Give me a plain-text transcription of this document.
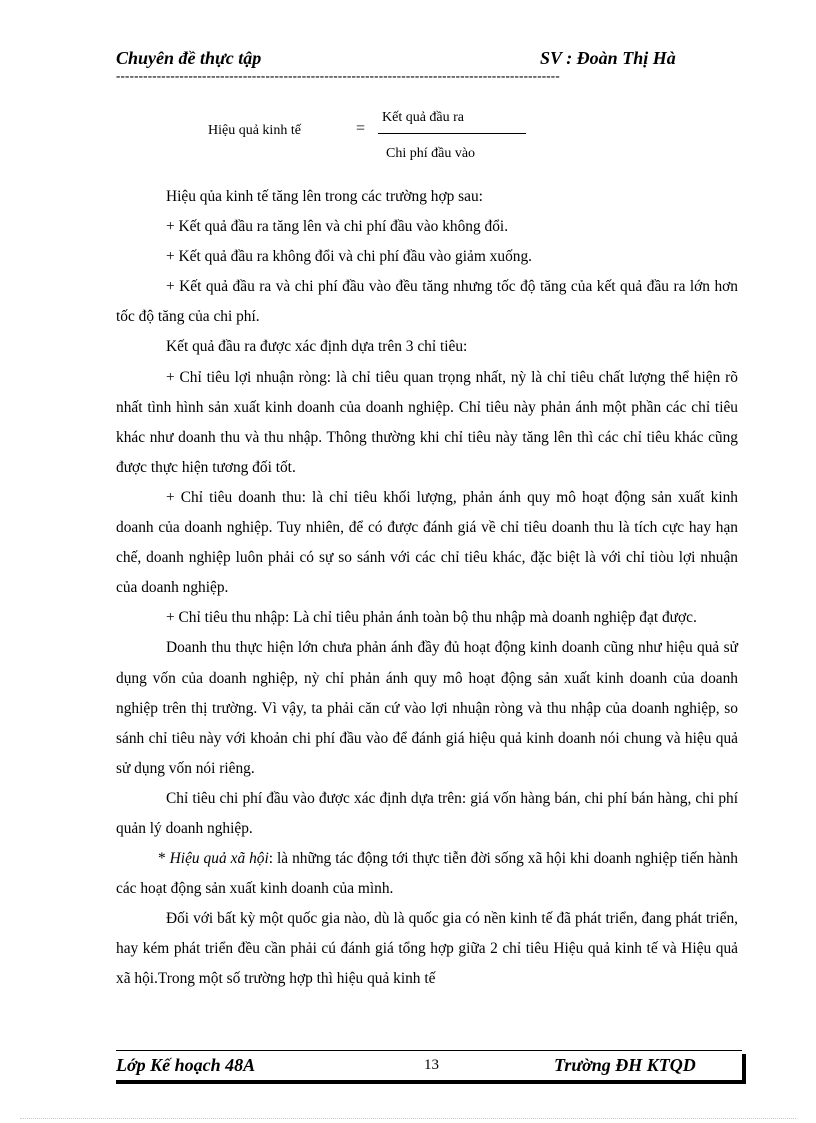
Chuyên đề thực tập	SV : Đoàn Thị Hà
--------------------------------------------------------------------------------------------------
Hiệu quả kinh tế	=
Kết quả đầu ra
Chi phí đầu vào

Hiệu qủa kinh tế tăng lên trong các trường hợp sau:

+ Kết quả đầu ra tăng lên và chi phí đầu vào không đổi.

+ Kết quả đầu ra không đổi và chi phí đầu vào giảm xuống.

+ Kết quả đầu ra và chi phí đầu vào đều tăng nhưng tốc độ tăng của kết quả đầu ra lớn hơn tốc độ tăng của chi phí.

Kết quả đầu ra được xác định dựa trên 3 chỉ tiêu:

+ Chỉ tiêu lợi nhuận ròng: là chỉ tiêu quan trọng nhất, nỳ là chỉ tiêu chất lượng thể hiện rõ nhất tình hình sản xuất kinh doanh của doanh nghiệp. Chỉ tiêu này phản ánh một phần các chỉ tiêu khác như doanh thu và thu nhập. Thông thường khi chỉ tiêu này tăng lên thì các chỉ tiêu khác cũng được thực hiện tương đối tốt.

+ Chỉ tiêu doanh thu: là chỉ tiêu khối lượng, phản ánh quy mô hoạt động sản xuất kinh doanh của doanh nghiệp. Tuy nhiên, để có được đánh giá về chỉ tiêu doanh thu là tích cực hay hạn chế, doanh nghiệp luôn phải có sự so sánh với các chỉ tiêu khác, đặc biệt là với chỉ tiòu lợi nhuận của doanh nghiệp.

+ Chỉ tiêu thu nhập: Là chỉ tiêu phản ánh toàn bộ thu nhập mà doanh nghiệp đạt được.

Doanh thu thực hiện lớn chưa phản ánh đầy đủ hoạt động kinh doanh cũng như hiệu quả sử dụng vốn của doanh nghiệp, nỳ chỉ phản ánh quy mô hoạt động sản xuất kinh doanh của doanh nghiệp trên thị trường. Vì vậy, ta phải căn cứ vào lợi nhuận ròng và thu nhập của doanh nghiệp, so sánh chỉ tiêu này với khoản chi phí đầu vào để đánh giá hiệu quả kinh doanh nói chung và hiệu quả sử dụng vốn nói riêng.

Chỉ tiêu chi phí đầu vào được xác định dựa trên: giá vốn hàng bán, chi phí bán hàng, chi phí quản lý doanh nghiệp.

* Hiệu quả xã hội: là những tác động tới thực tiễn đời sống xã hội khi doanh nghiệp tiến hành các hoạt động sản xuất kinh doanh của mình.

Đối với bất kỳ một quốc gia nào, dù là quốc gia có nền kinh tế đã phát triển, đang phát triển, hay kém phát triển đều cần phải cú đánh giá tổng hợp giữa 2 chỉ tiêu Hiệu quả kinh tế và Hiệu quả xã hội.Trong một số trường hợp thì hiệu quả kinh tế

Lớp Kế hoạch 48A	13	Trường ĐH KTQD
